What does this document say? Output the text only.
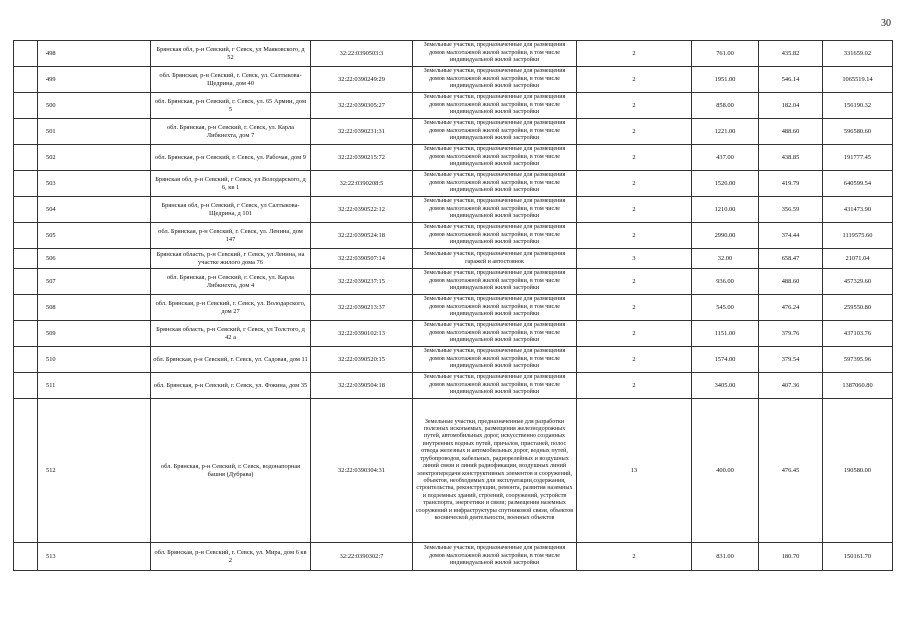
30
	498	Брянская обл, р-н Севский, г Севск, ул Маяковского, д 52	32:22:0390503:3	Земельные участки, предназначенные для размещения домов малоэтажной жилой застройки, в том числе индивидуальной жилой застройки	2	761.00	435.82	331659.02
	499	обл. Брянская, р-н Севский, г. Севск, ул. Салтыкова-Щедрина, дом 40	32:22:0390249:29	Земельные участки, предназначенные для размещения домов малоэтажной жилой застройки, в том числе индивидуальной жилой застройки	2	1951.00	546.14	1065519.14
	500	обл. Брянская, р-н Севский, г. Севск, ул. 65 Армии, дом 5	32:22:0390305:27	Земельные участки, предназначенные для размещения домов малоэтажной жилой застройки, в том числе индивидуальной жилой застройки	2	858.00	182.04	156190.32
	501	обл. Брянская, р-н Севский, г. Севск, ул. Карла Либкнехта, дом 7	32:22:0390231:31	Земельные участки, предназначенные для размещения домов малоэтажной жилой застройки, в том числе индивидуальной жилой застройки	2	1221.00	488.60	596580.60
	502	обл. Брянская, р-н Севский, г. Севск, ул. Рабочая, дом 9	32:22:0390215:72	Земельные участки, предназначенные для размещения домов малоэтажной жилой застройки, в том числе индивидуальной жилой застройки	2	437.00	438.85	191777.45
	503	Брянская обл, р-н Севский, г Севск, ул Володарского, д 6, кв 1	32:22:0390208:5	Земельные участки, предназначенные для размещения домов малоэтажной жилой застройки, в том числе индивидуальной жилой застройки	2	1526.00	419.79	640599.54
	504	Брянская обл, р-н Севский, г Севск, ул Салтыкова-Щедрина, д 101	32:22:0390522:12	Земельные участки, предназначенные для размещения домов малоэтажной жилой застройки, в том числе индивидуальной жилой застройки	2	1210.00	356.59	431473.90
	505	обл. Брянская, р-н Севский, г. Севск, ул. Ленина, дом 147	32:22:0390524:18	Земельные участки, предназначенные для размещения домов малоэтажной жилой застройки, в том числе индивидуальной жилой застройки	2	2990.00	374.44	1119575.60
	506	Брянская область, р-н Севский, г Севск, ул Ленина, на участке жилого дома 76	32:22:0390507:14	Земельные участки, предназначенные для размещения гаражей и автостоянок	3	32.00	658.47	21071.04
	507	обл. Брянская, р-н Севский, г. Севск, ул. Карла Либкнехта, дом 4	32:22:0390237:15	Земельные участки, предназначенные для размещения домов малоэтажной жилой застройки, в том числе индивидуальной жилой застройки	2	936.00	488.60	457329.60
	508	обл. Брянская, р-н Севский, г. Севск, ул. Володарского, дом 27	32:22:0390213:37	Земельные участки, предназначенные для размещения домов малоэтажной жилой застройки, в том числе индивидуальной жилой застройки	2	545.00	476.24	259550.80
	509	Брянская область, р-н Севский, г Севск, ул Толстого, д 42 а	32:22:0390102:13	Земельные участки, предназначенные для размещения домов малоэтажной жилой застройки, в том числе индивидуальной жилой застройки	2	1151.00	379.76	437103.76
	510	обл. Брянская, р-н Севский, г. Севск, ул. Садовая, дом 11	32:22:0390520:15	Земельные участки, предназначенные для размещения домов малоэтажной жилой застройки, в том числе индивидуальной жилой застройки	2	1574.00	379.54	597395.96
	511	обл. Брянская, р-н Севский, г. Севск, ул. Фокина, дом 35	32:22:0390504:18	Земельные участки, предназначенные для размещения домов малоэтажной жилой застройки, в том числе индивидуальной жилой застройки	2	3405.00	407.36	1387060.80
	512	обл. Брянская, р-н Севский, г. Севск, водонапорная башня (Дубрава)	32:22:0390304:31	Земельные участки, предназначенные для разработки полезных ископаемых, размещения железнодорожных путей, автомобильных дорог, искусственно созданных внутренних водных путей, причалов, пристаней, полос отвода железных и автомобильных дорог, водных путей, трубопроводов, кабельных, радиорелейных и воздушных линий связи и линий радиофикации, воздушных линий электропередачи конструктивных элементов и сооружений, объектов, необходимых для эксплуатации,содержания, строительства, реконструкции, ремонта, развития наземных и подземных зданий, строений, сооружений, устройств транспорта, энергетики и связи; размещения наземных сооружений и инфраструктуры спутниковой связи, объектов космической деятельности, военных объектов	13	400.00	476.45	190580.00
	513	обл. Брянская, р-н Севский, г. Севск, ул. Мира, дом 6 кв 2	32:22:0390302:7	Земельные участки, предназначенные для размещения домов малоэтажной жилой застройки, в том числе индивидуальной жилой застройки	2	831.00	180.70	150161.70
